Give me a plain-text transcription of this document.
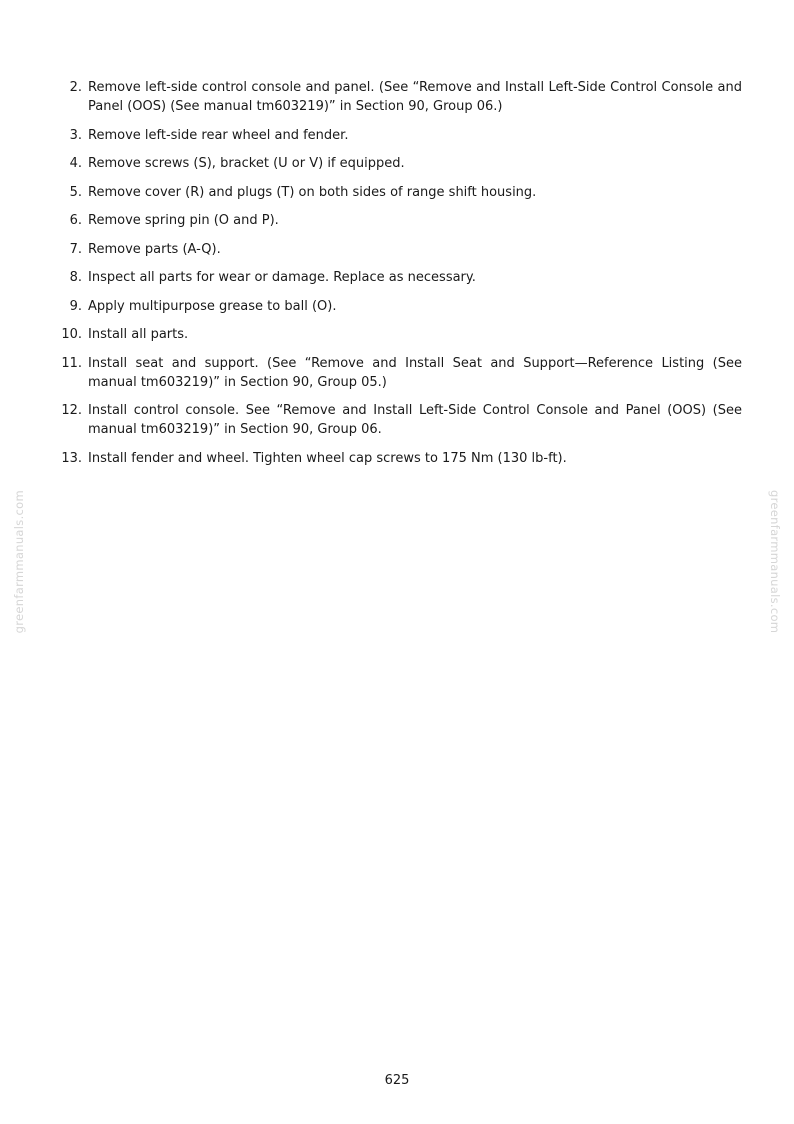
2. Remove left-side control console and panel. (See “Remove and Install Left-Side Control Console and Panel (OOS) (See manual tm603219)” in Section 90, Group 06.)
3. Remove left-side rear wheel and fender.
4. Remove screws (S), bracket (U or V) if equipped.
5. Remove cover (R) and plugs (T) on both sides of range shift housing.
6. Remove spring pin (O and P).
7. Remove parts (A-Q).
8. Inspect all parts for wear or damage. Replace as necessary.
9. Apply multipurpose grease to ball (O).
10. Install all parts.
11. Install seat and support. (See “Remove and Install Seat and Support—Reference Listing (See manual tm603219)” in Section 90, Group 05.)
12. Install control console. See “Remove and Install Left-Side Control Console and Panel (OOS) (See manual tm603219)” in Section 90, Group 06.
13. Install fender and wheel. Tighten wheel cap screws to 175 Nm (130 lb-ft).
greenfarmmanuals.com	greenfarmmanuals.com
625
